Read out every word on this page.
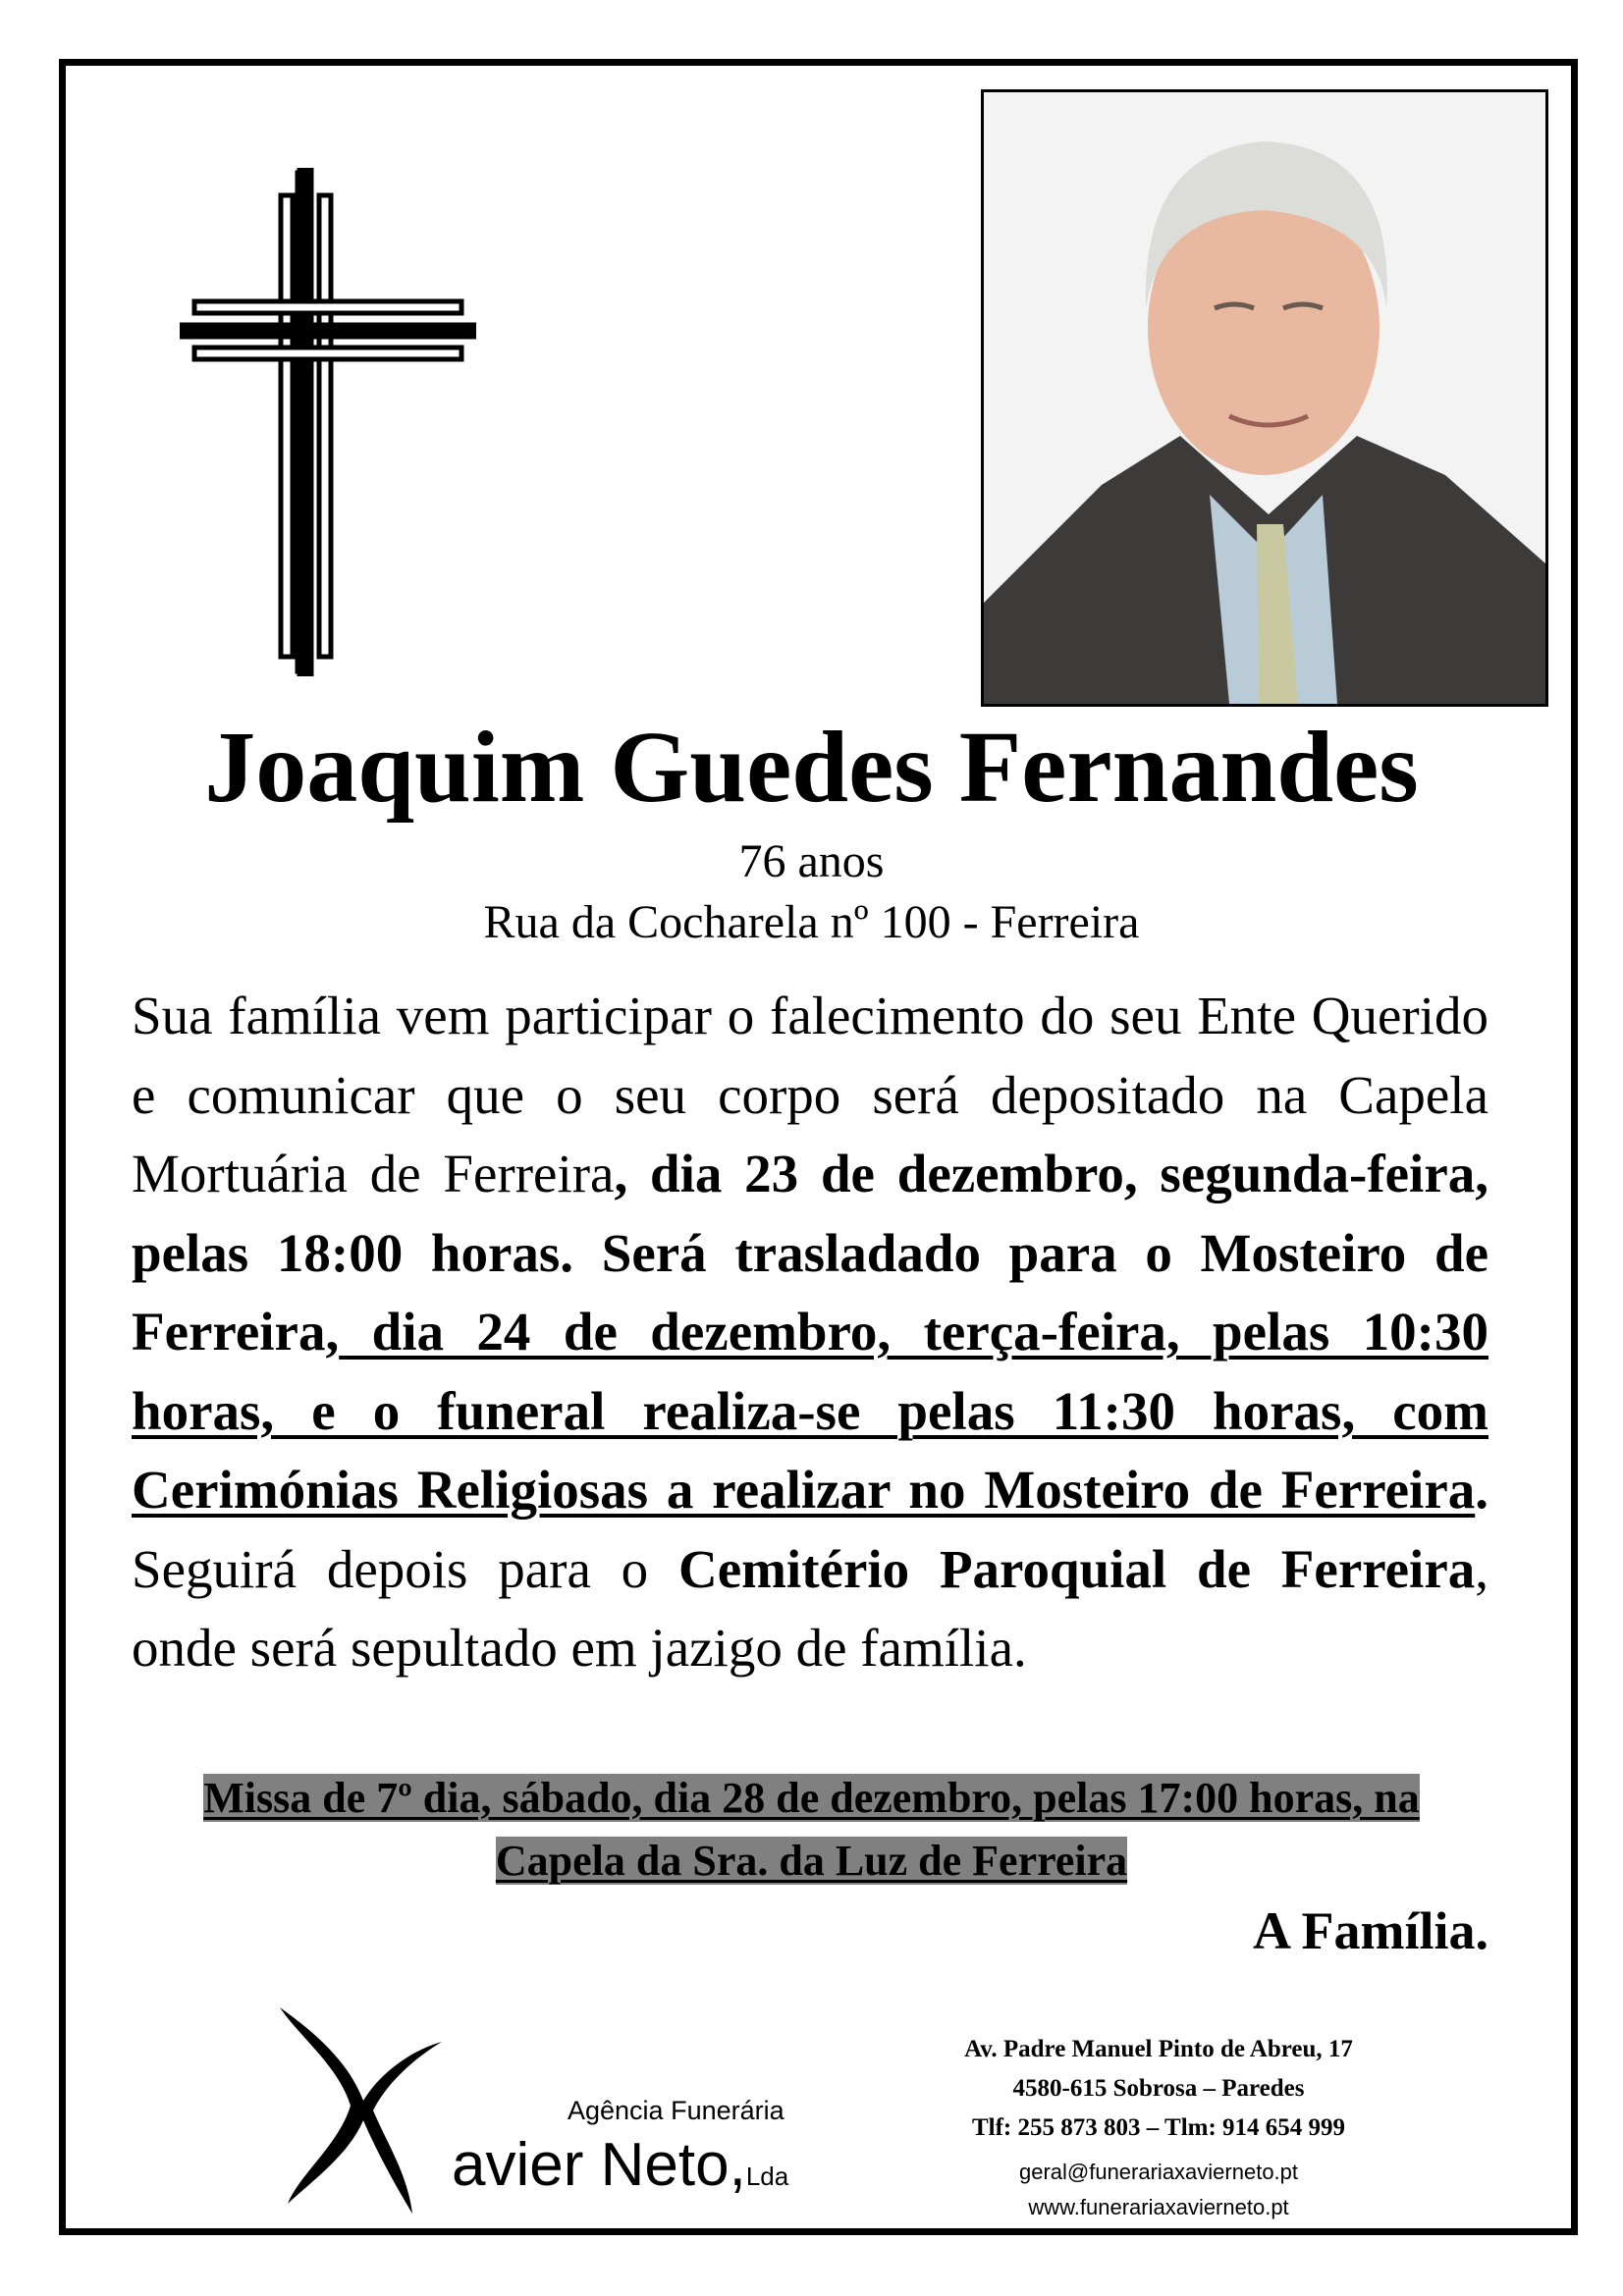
Joaquim Guedes Fernandes
76 anos
Rua da Cocharela nº 100 - Ferreira
Sua família vem participar o falecimento do seu Ente Querido e comunicar que o seu corpo será depositado na Capela Mortuária de Ferreira, dia 23 de dezembro, segunda-feira, pelas 18:00 horas. Será trasladado para o Mosteiro de Ferreira, dia 24 de dezembro, terça-feira, pelas 10:30 horas, e o funeral realiza-se pelas 11:30 horas, com Cerimónias Religiosas a realizar no Mosteiro de Ferreira. Seguirá depois para o Cemitério Paroquial de Ferreira, onde será sepultado em jazigo de família.
Missa de 7º dia, sábado, dia 28 de dezembro, pelas 17:00 horas, na
Capela da Sra. da Luz de Ferreira
A Família.
Agência Funerária
avier Neto,Lda
Av. Padre Manuel Pinto de Abreu, 17
4580-615 Sobrosa – Paredes
Tlf: 255 873 803 – Tlm: 914 654 999
geral@funerariaxavierneto.pt
www.funerariaxavierneto.pt
